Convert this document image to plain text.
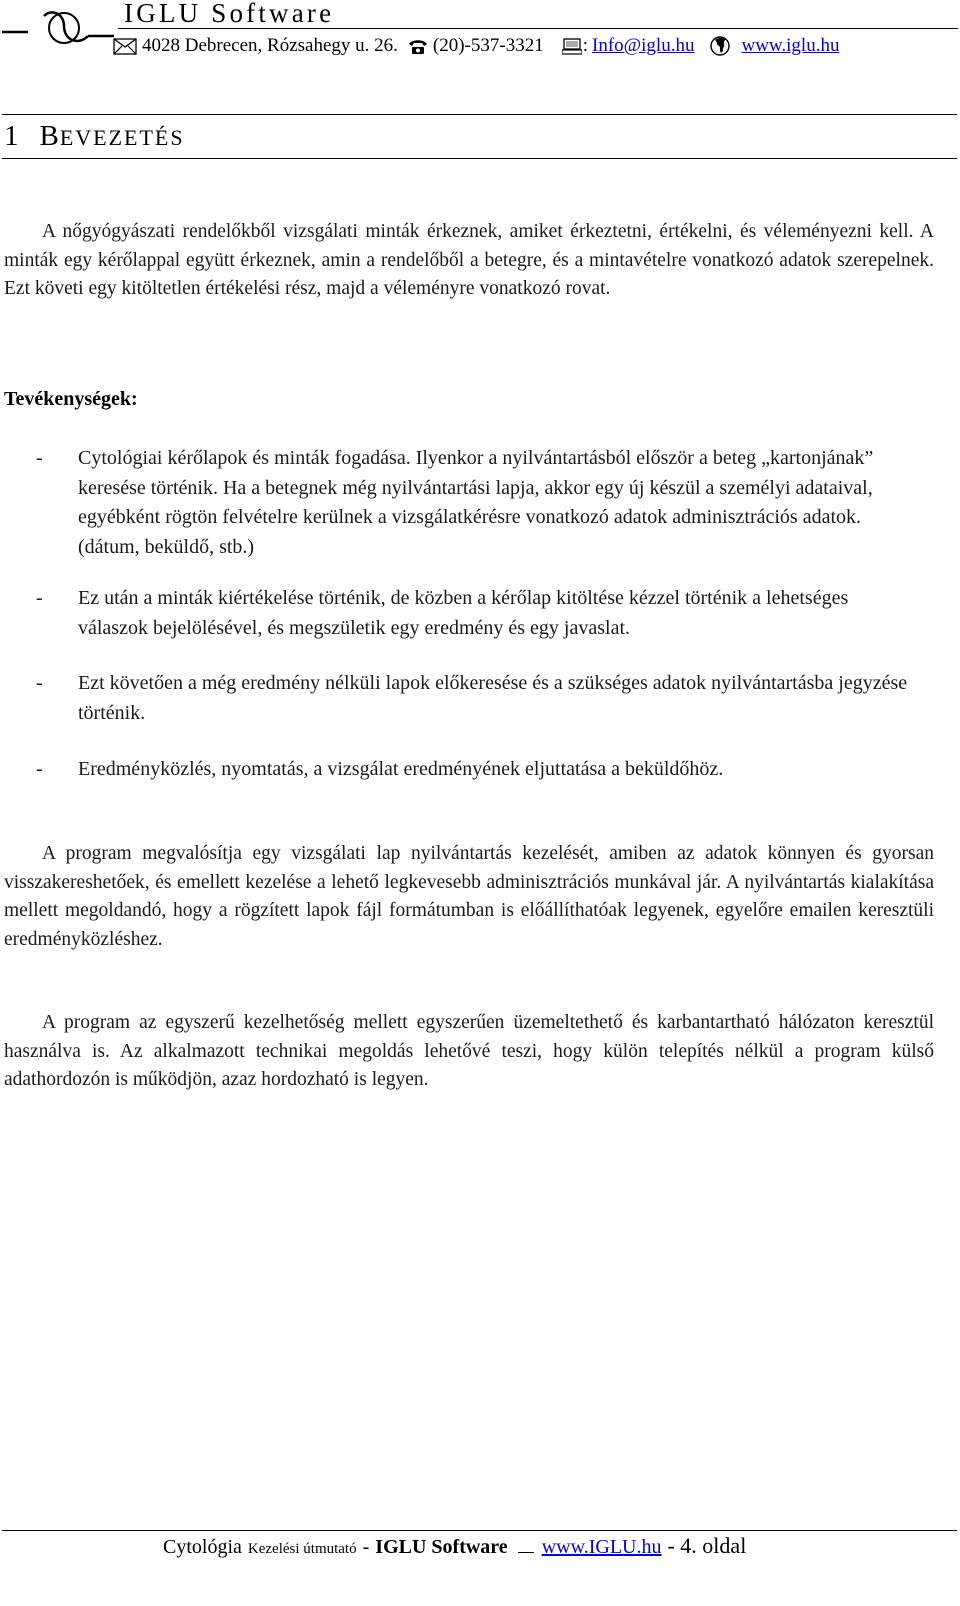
IGLU Software
4028 Debrecen, Rózsahegy u. 26. (20)-537-3321 : Info@iglu.hu www.iglu.hu
1 BEVEZETÉS
A nőgyógyászati rendelőkből vizsgálati minták érkeznek, amiket érkeztetni, értékelni, és véleményezni kell. A minták egy kérőlappal együtt érkeznek, amin a rendelőből a betegre, és a mintavételre vonatkozó adatok szerepelnek. Ezt követi egy kitöltetlen értékelési rész, majd a véleményre vonatkozó rovat.
Tevékenységek:
- Cytológiai kérőlapok és minták fogadása. Ilyenkor a nyilvántartásból először a beteg „kartonjának” keresése történik. Ha a betegnek még nyilvántartási lapja, akkor egy új készül a személyi adataival, egyébként rögtön felvételre kerülnek a vizsgálatkérésre vonatkozó adatok adminisztrációs adatok. (dátum, beküldő, stb.)
- Ez után a minták kiértékelése történik, de közben a kérőlap kitöltése kézzel történik a lehetséges válaszok bejelölésével, és megszületik egy eredmény és egy javaslat.
- Ezt követően a még eredmény nélküli lapok előkeresése és a szükséges adatok nyilvántartásba jegyzése történik.
- Eredményközlés, nyomtatás, a vizsgálat eredményének eljuttatása a beküldőhöz.
A program megvalósítja egy vizsgálati lap nyilvántartás kezelését, amiben az adatok könnyen és gyorsan visszakereshetőek, és emellett kezelése a lehető legkevesebb adminisztrációs munkával jár. A nyilvántartás kialakítása mellett megoldandó, hogy a rögzített lapok fájl formátumban is előállíthatóak legyenek, egyelőre emailen keresztüli eredményközléshez.
A program az egyszerű kezelhetőség mellett egyszerűen üzemeltethető és karbantartható hálózaton keresztül használva is. Az alkalmazott technikai megoldás lehetővé teszi, hogy külön telepítés nélkül a program külső adathordozón is működjön, azaz hordozható is legyen.
Cytológia Kezelési útmutató - IGLU Software www.IGLU.hu - 4. oldal
